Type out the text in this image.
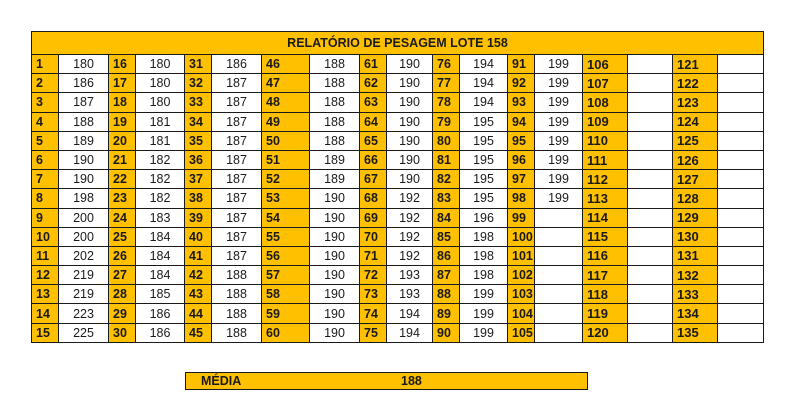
RELATÓRIO DE PESAGEM LOTE 158																	
1	180	16	180	31	186	46	188	61	190	76	194	91	199	106		121	
2	186	17	180	32	187	47	188	62	190	77	194	92	199	107		122	
3	187	18	180	33	187	48	188	63	190	78	194	93	199	108		123	
4	188	19	181	34	187	49	188	64	190	79	195	94	199	109		124	
5	189	20	181	35	187	50	188	65	190	80	195	95	199	110		125	
6	190	21	182	36	187	51	189	66	190	81	195	96	199	111		126	
7	190	22	182	37	187	52	189	67	190	82	195	97	199	112		127	
8	198	23	182	38	187	53	190	68	192	83	195	98	199	113		128	
9	200	24	183	39	187	54	190	69	192	84	196	99		114		129	
10	200	25	184	40	187	55	190	70	192	85	198	100		115		130	
11	202	26	184	41	187	56	190	71	192	86	198	101		116		131	
12	219	27	184	42	188	57	190	72	193	87	198	102		117		132	
13	219	28	185	43	188	58	190	73	193	88	199	103		118		133	
14	223	29	186	44	188	59	190	74	194	89	199	104		119		134	
15	225	30	186	45	188	60	190	75	194	90	199	105		120		135	
MÉDIA	188
